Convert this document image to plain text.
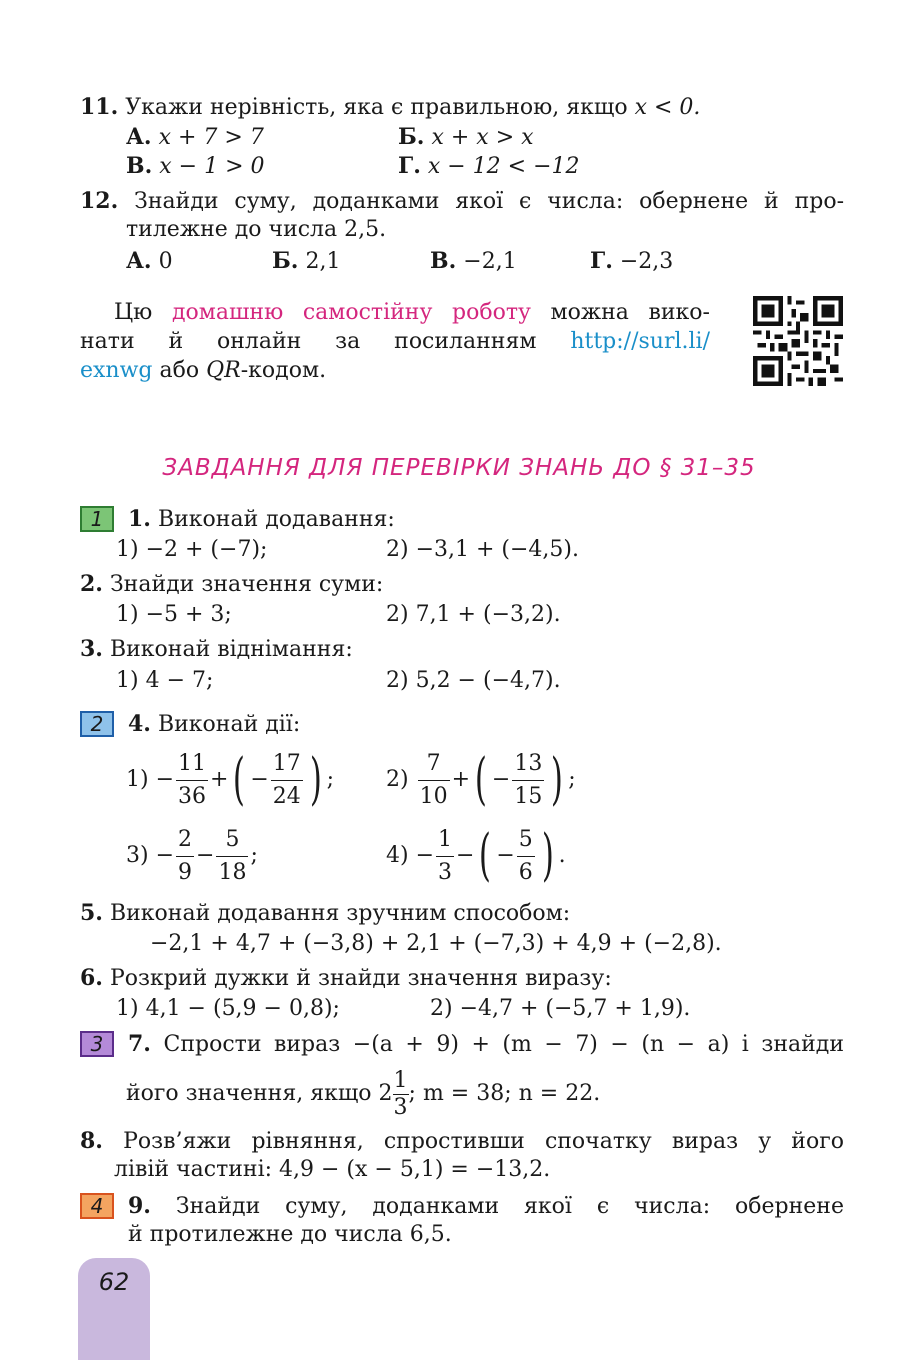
11. Укажи нерівність, яка є правильною, якщо x < 0.
А. x + 7 > 7	Б. x + x > x
В. x − 1 > 0	Г. x − 12 < −12
12. Знайди суму, доданками якої є числа: обернене й про-
тилежне до числа 2,5.
А. 0	Б. 2,1	В. −2,1	Г. −2,3
Цю домашню самостійну роботу можна вико-
нати й онлайн за посиланням http://surl.li/
exnwg або QR-кодом.
ЗАВДАННЯ ДЛЯ ПЕРЕВІРКИ ЗНАНЬ ДО § 31–35
1	1. Виконай додавання:
1) −2 + (−7);	2) −3,1 + (−4,5).
2. Знайди значення суми:
1) −5 + 3;	2) 7,1 + (−3,2).
3. Виконай віднімання:
1) 4 − 7;	2) 5,2 − (−4,7).
2	4. Виконай дії:
$1) - \frac{11}{36}$ +( − $\frac{17}{24}$ ) ; $2) \frac{7}{10}$ +( − $\frac{13}{15}$ ) ;
$3) - \frac{2}{9} - \frac{5}{18}$ ;	$4) - \frac{1}{3}$ −( − $\frac{5}{6}$ ) .
5. Виконай додавання зручним способом:
−2,1 + 4,7 + (−3,8) + 2,1 + (−7,3) + 4,9 + (−2,8).
6. Розкрий дужки й знайди значення виразу:
1) 4,1 − (5,9 − 0,8);	2) −4,7 + (−5,7 + 1,9).
3	7. Спрости вираз −(a + 9) + (m − 7) − (n − a) і знайди
його значення, якщо $2 \frac{1}{3}$ ; m = 38; n = 22.
8. Розв’яжи рівняння, спростивши спочатку вираз у його
лівій частині: 4,9 − (x − 5,1) = −13,2.
4	9. Знайди суму, доданками якої є числа: обернене
й протилежне до числа 6,5.
62
